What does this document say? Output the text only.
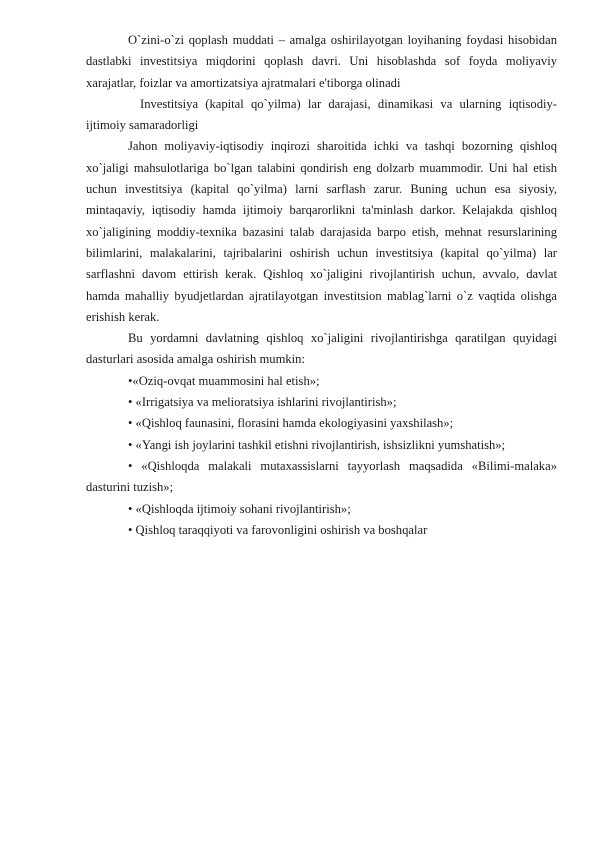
O`zini-o`zi qoplash muddati – amalga oshirilayotgan loyihaning foydasi hisobidan dastlabki investitsiya miqdorini qoplash davri. Uni hisoblashda sof foyda moliyaviy xarajatlar, foizlar va amortizatsiya ajratmalari e'tiborga olinadi

Investitsiya (kapital qo`yilma) lar darajasi, dinamikasi va ularning iqtisodiy-ijtimoiy samaradorligi

Jahon moliyaviy-iqtisodiy inqirozi sharoitida ichki va tashqi bozorning qishloq xo`jaligi mahsulotlariga bo`lgan talabini qondirish eng dolzarb muammodir. Uni hal etish uchun investitsiya (kapital qo`yilma) larni sarflash zarur. Buning uchun esa siyosiy, mintaqaviy, iqtisodiy hamda ijtimoiy barqarorlikni ta'minlash darkor. Kelajakda qishloq xo`jaligining moddiy-texnika bazasini talab darajasida barpo etish, mehnat resurslarining bilimlarini, malakalarini, tajribalarini oshirish uchun investitsiya (kapital qo`yilma) lar sarflashni davom ettirish kerak. Qishloq xo`jaligini rivojlantirish uchun, avvalo, davlat hamda mahalliy byudjetlardan ajratilayotgan investitsion mablag`larni o`z vaqtida olishga erishish kerak.

Bu yordamni davlatning qishloq xo`jaligini rivojlantirishga qaratilgan quyidagi dasturlari asosida amalga oshirish mumkin:

•«Oziq-ovqat muammosini hal etish»;

• «Irrigatsiya va melioratsiya ishlarini rivojlantirish»;

• «Qishloq faunasini, florasini hamda ekologiyasini yaxshilash»;

• «Yangi ish joylarini tashkil etishni rivojlantirish, ishsizlikni yumshatish»;

• «Qishloqda malakali mutaxassislarni tayyorlash maqsadida «Bilimi-malaka» dasturini tuzish»;

• «Qishloqda ijtimoiy sohani rivojlantirish»;

• Qishloq taraqqiyoti va farovonligini oshirish va boshqalar
